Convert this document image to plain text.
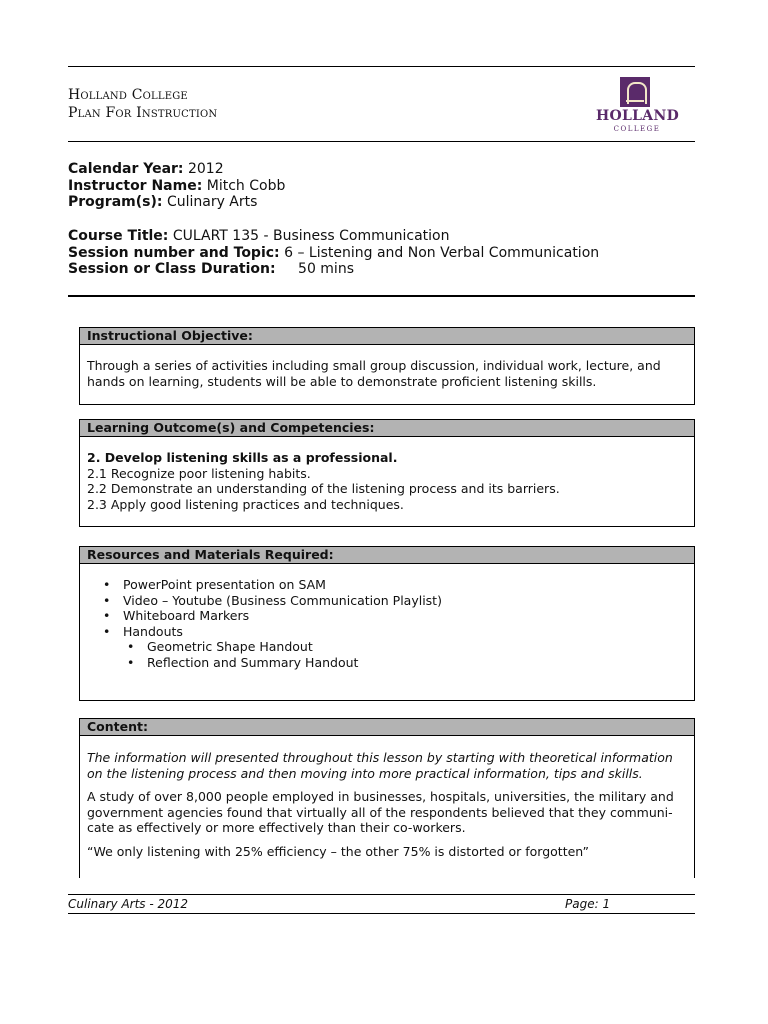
Holland College
Plan For Instruction	HOLLAND
COLLEGE
Calendar Year: 2012
Instructor Name: Mitch Cobb
Program(s): Culinary Arts
Course Title: CULART 135 - Business Communication
Session number and Topic: 6 – Listening and Non Verbal Communication
Session or Class Duration: 50 mins
Instructional Objective:

Through a series of activities including small group discussion, individual work, lecture, and hands on learning, students will be able to demonstrate proficient listening skills.

Learning Outcome(s) and Competencies:

2. Develop listening skills as a professional.

2.1 Recognize poor listening habits.

2.2 Demonstrate an understanding of the listening process and its barriers.

2.3 Apply good listening practices and techniques.

Resources and Materials Required:
• PowerPoint presentation on SAM
• Video – Youtube (Business Communication Playlist)
• Whiteboard Markers
• Handouts
• Geometric Shape Handout
• Reflection and Summary Handout
Content:

The information will presented throughout this lesson by starting with theoretical information

on the listening process and then moving into more practical information, tips and skills.

A study of over 8,000 people employed in businesses, hospitals, universities, the military and

government agencies found that virtually all of the respondents believed that they communi-

cate as effectively or more effectively than their co-workers.

“We only listening with 25% efficiency – the other 75% is distorted or forgotten”

Culinary Arts - 2012	Page: 1
